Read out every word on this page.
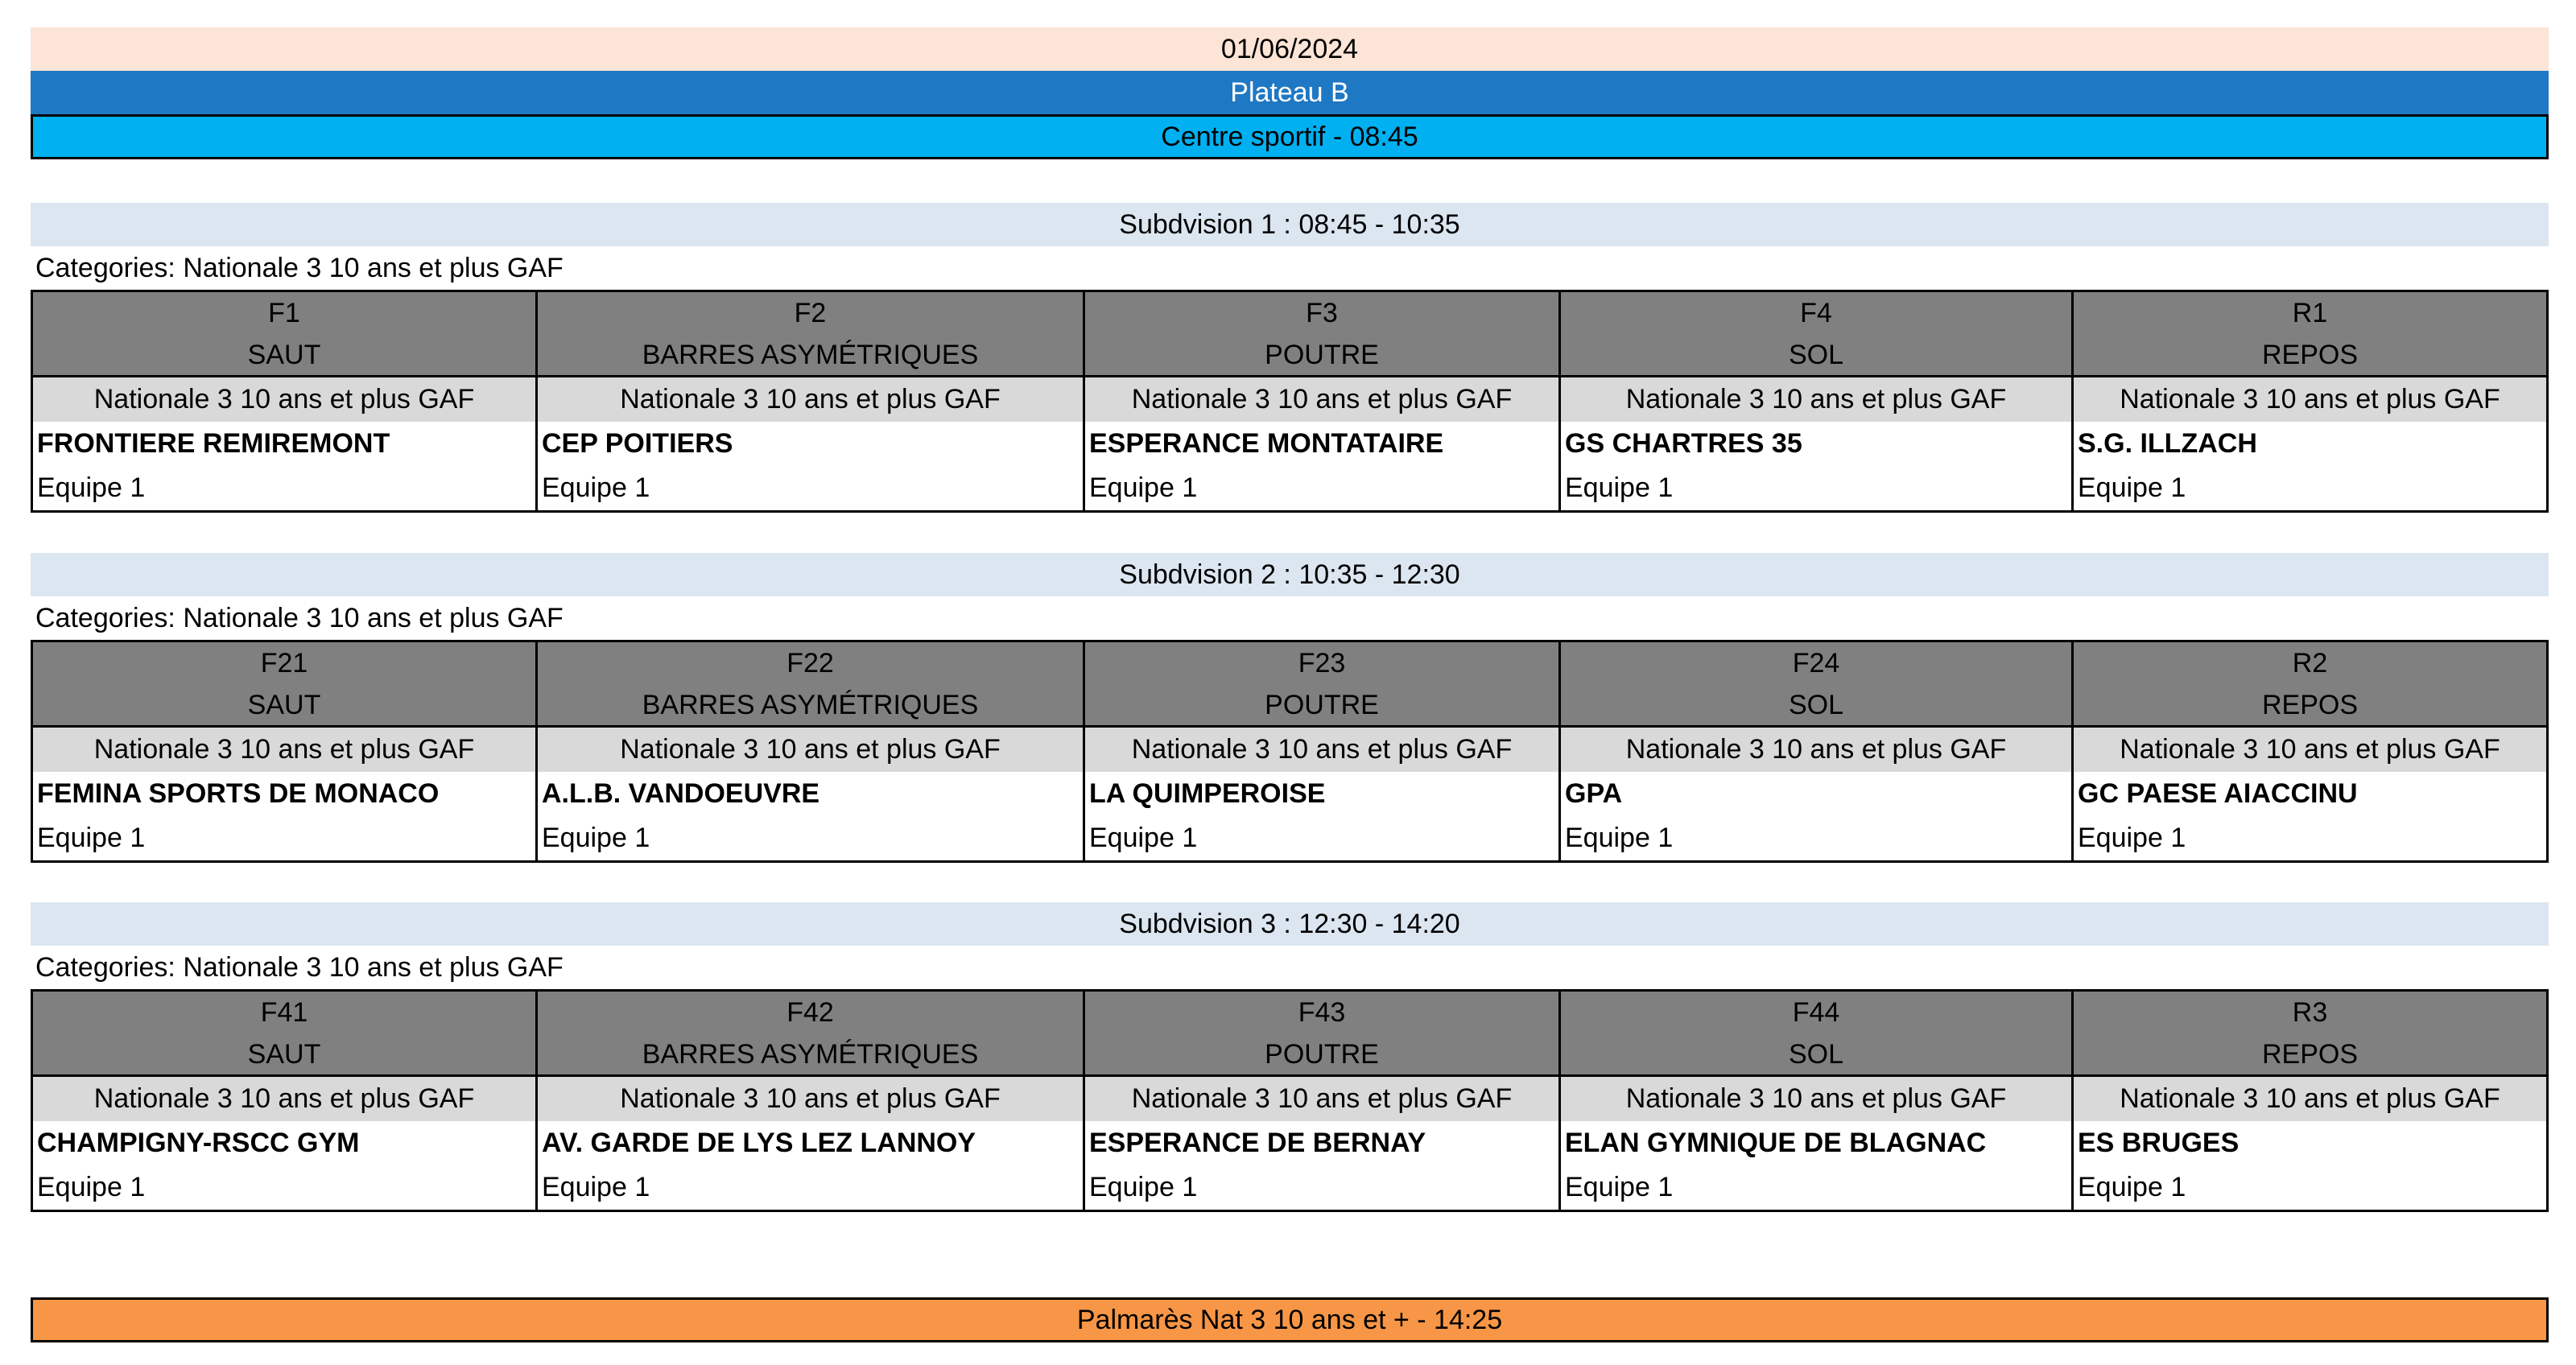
01/06/2024
Plateau B
Centre sportif - 08:45
Subdvision 1 : 08:45 - 10:35
Categories: Nationale 3 10 ans et plus GAF
F1
SAUT
Nationale 3 10 ans et plus GAF
FRONTIERE REMIREMONT
Equipe 1
F2
BARRES ASYMÉTRIQUES
Nationale 3 10 ans et plus GAF
CEP POITIERS
Equipe 1
F3
POUTRE
Nationale 3 10 ans et plus GAF
ESPERANCE MONTATAIRE
Equipe 1
F4
SOL
Nationale 3 10 ans et plus GAF
GS CHARTRES 35
Equipe 1
R1
REPOS
Nationale 3 10 ans et plus GAF
S.G. ILLZACH
Equipe 1
Subdvision 2 : 10:35 - 12:30
Categories: Nationale 3 10 ans et plus GAF
F21
SAUT
Nationale 3 10 ans et plus GAF
FEMINA SPORTS DE MONACO
Equipe 1
F22
BARRES ASYMÉTRIQUES
Nationale 3 10 ans et plus GAF
A.L.B. VANDOEUVRE
Equipe 1
F23
POUTRE
Nationale 3 10 ans et plus GAF
LA QUIMPEROISE
Equipe 1
F24
SOL
Nationale 3 10 ans et plus GAF
GPA
Equipe 1
R2
REPOS
Nationale 3 10 ans et plus GAF
GC PAESE AIACCINU
Equipe 1
Subdvision 3 : 12:30 - 14:20
Categories: Nationale 3 10 ans et plus GAF
F41
SAUT
Nationale 3 10 ans et plus GAF
CHAMPIGNY-RSCC GYM
Equipe 1
F42
BARRES ASYMÉTRIQUES
Nationale 3 10 ans et plus GAF
AV. GARDE DE LYS LEZ LANNOY
Equipe 1
F43
POUTRE
Nationale 3 10 ans et plus GAF
ESPERANCE DE BERNAY
Equipe 1
F44
SOL
Nationale 3 10 ans et plus GAF
ELAN GYMNIQUE DE BLAGNAC
Equipe 1
R3
REPOS
Nationale 3 10 ans et plus GAF
ES BRUGES
Equipe 1
Palmarès Nat 3 10 ans et + - 14:25
